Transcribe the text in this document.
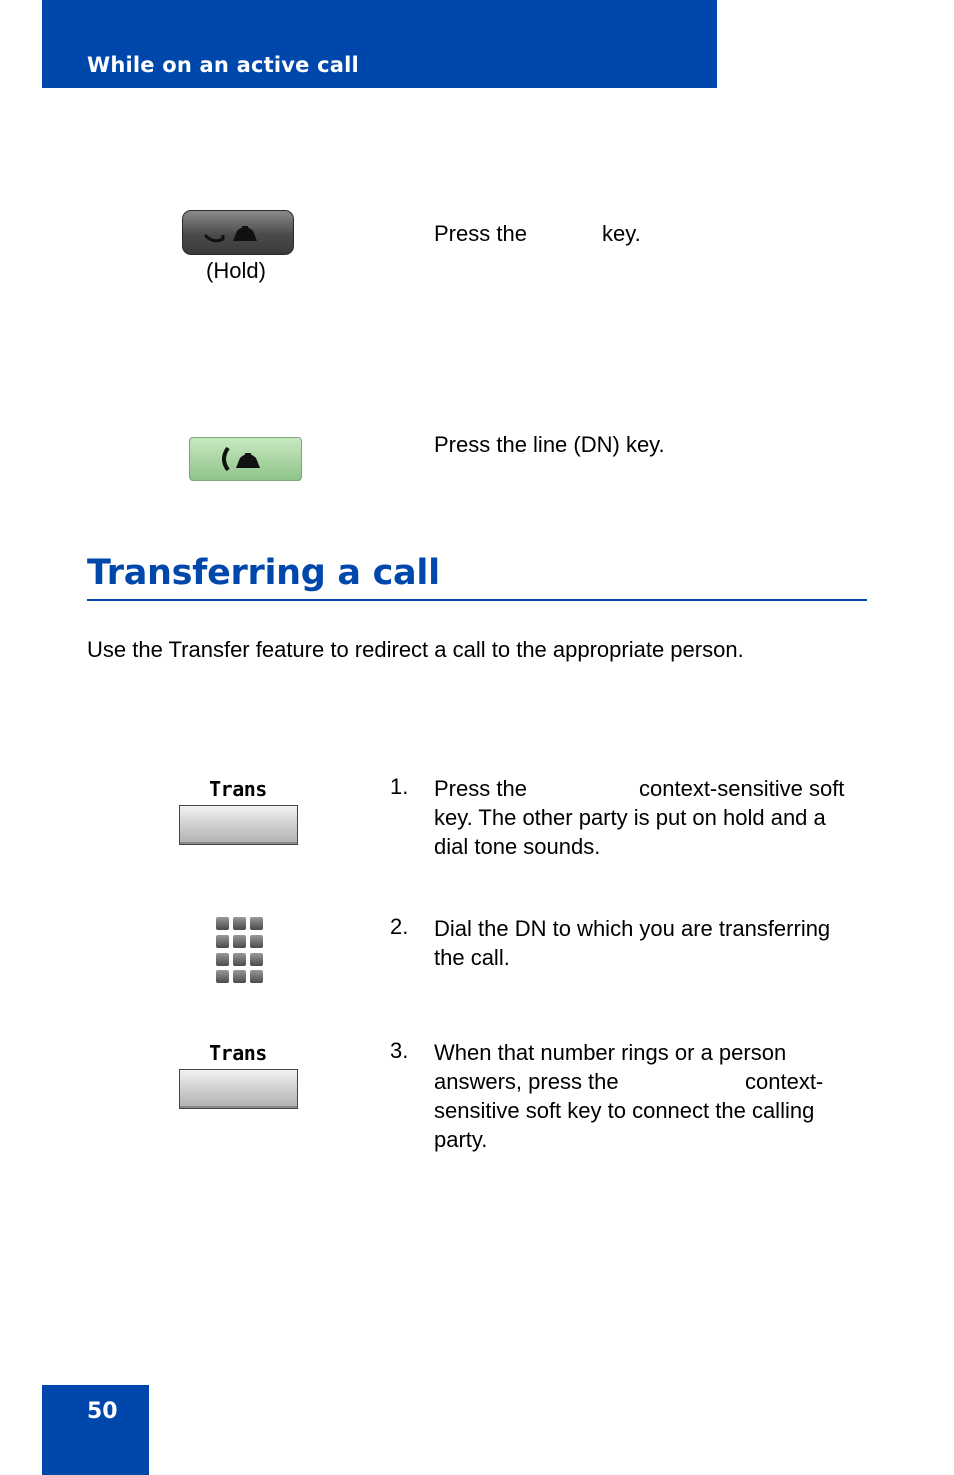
While on an active call
(Hold)
Press the	key.
Press the line (DN) key.
Transferring a call
Use the Transfer feature to redirect a call to the appropriate person.
Trans	1. Press the	context-sensitive soft
key. The other party is put on hold and a
dial tone sounds.
2. Dial the DN to which you are transferring
the call.
Trans	3. When that number rings or a person
answers, press the	context-
sensitive soft key to connect the calling
party.
50
